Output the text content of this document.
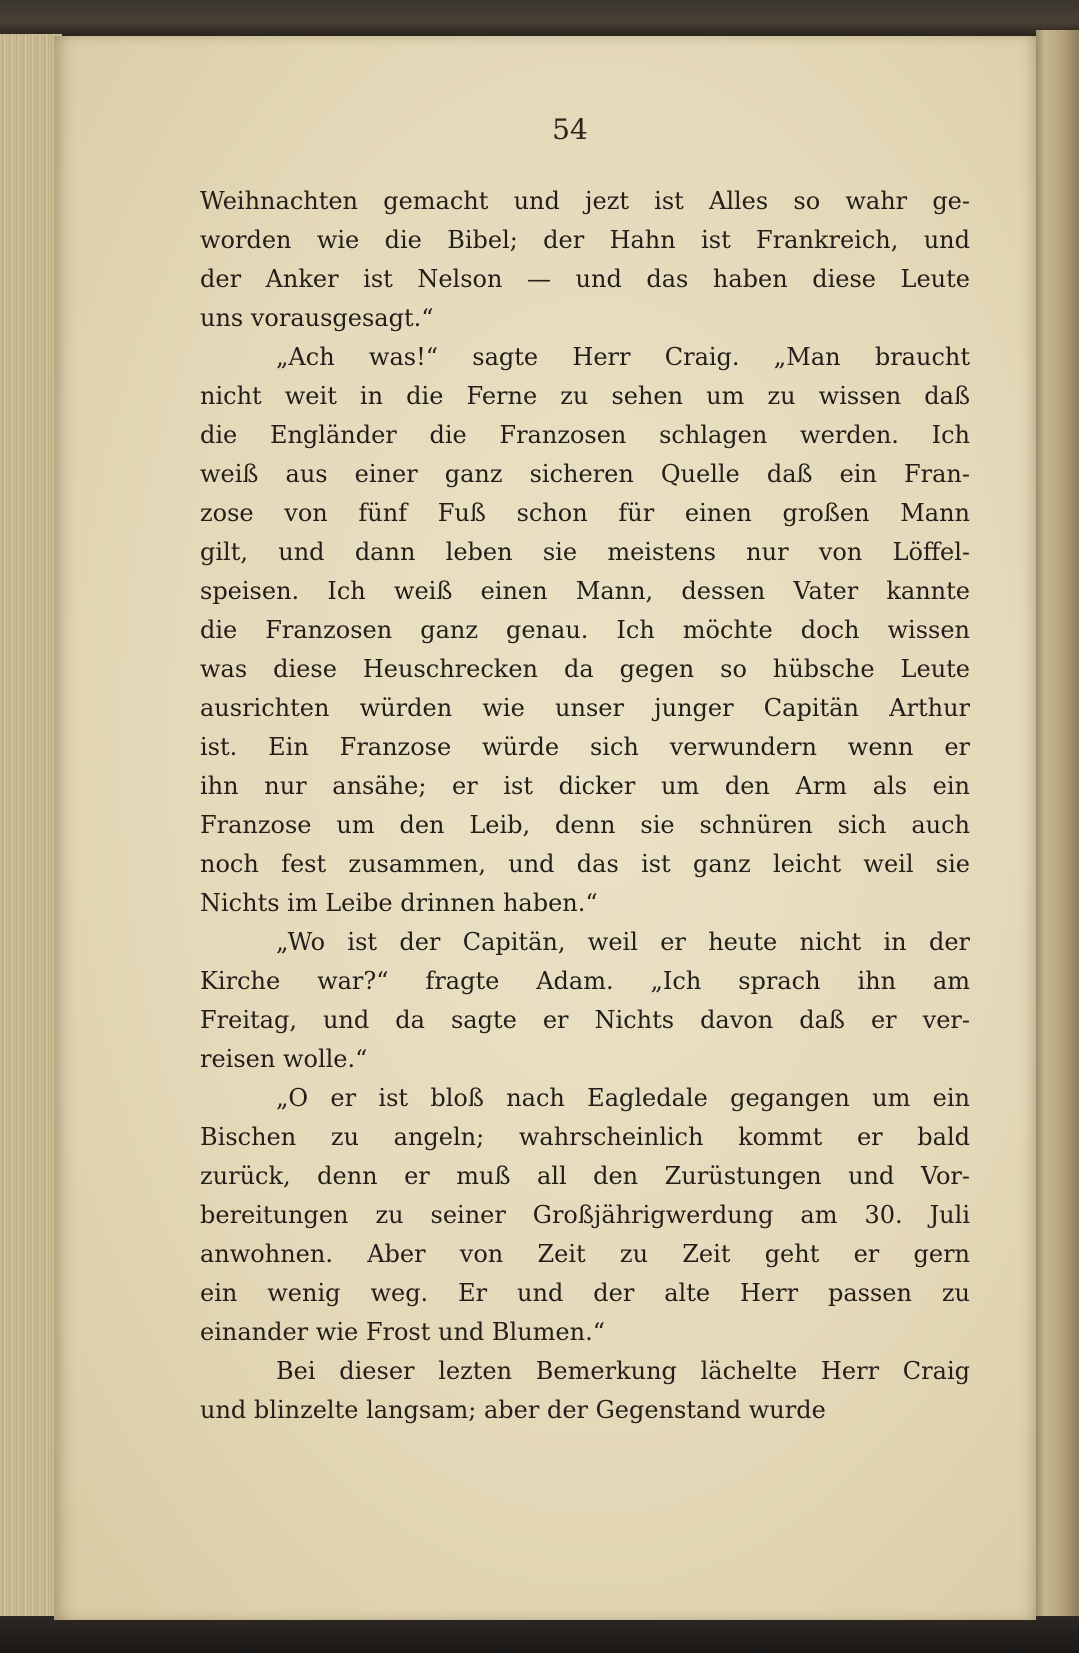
54
Weihnachten gemacht und jezt ist Alles so wahr ge-
worden wie die Bibel; der Hahn ist Frankreich, und
der Anker ist Nelson — und das haben diese Leute
uns vorausgesagt.“
„Ach was!“ sagte Herr Craig. „Man braucht
nicht weit in die Ferne zu sehen um zu wissen daß
die Engländer die Franzosen schlagen werden. Ich
weiß aus einer ganz sicheren Quelle daß ein Fran-
zose von fünf Fuß schon für einen großen Mann
gilt, und dann leben sie meistens nur von Löffel-
speisen. Ich weiß einen Mann, dessen Vater kannte
die Franzosen ganz genau. Ich möchte doch wissen
was diese Heuschrecken da gegen so hübsche Leute
ausrichten würden wie unser junger Capitän Arthur
ist. Ein Franzose würde sich verwundern wenn er
ihn nur ansähe; er ist dicker um den Arm als ein
Franzose um den Leib, denn sie schnüren sich auch
noch fest zusammen, und das ist ganz leicht weil sie
Nichts im Leibe drinnen haben.“
„Wo ist der Capitän, weil er heute nicht in der
Kirche war?“ fragte Adam. „Ich sprach ihn am
Freitag, und da sagte er Nichts davon daß er ver-
reisen wolle.“
„O er ist bloß nach Eagledale gegangen um ein
Bischen zu angeln; wahrscheinlich kommt er bald
zurück, denn er muß all den Zurüstungen und Vor-
bereitungen zu seiner Großjährigwerdung am 30. Juli
anwohnen. Aber von Zeit zu Zeit geht er gern
ein wenig weg. Er und der alte Herr passen zu
einander wie Frost und Blumen.“
Bei dieser lezten Bemerkung lächelte Herr Craig
und blinzelte langsam; aber der Gegenstand wurde
